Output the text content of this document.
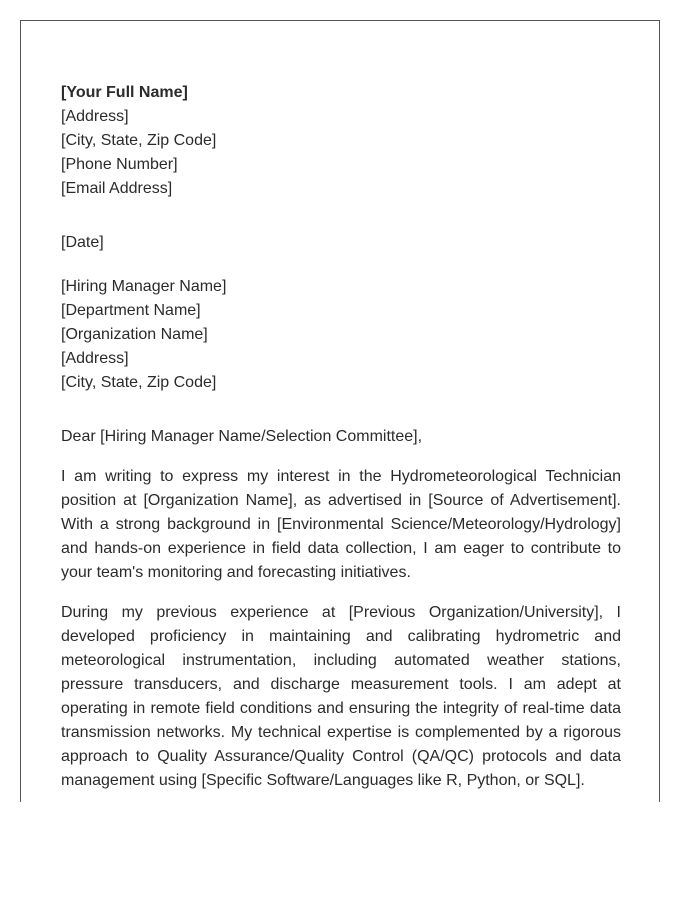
[Your Full Name]
[Address]
[City, State, Zip Code]
[Phone Number]
[Email Address]
[Date]
[Hiring Manager Name]
[Department Name]
[Organization Name]
[Address]
[City, State, Zip Code]
Dear [Hiring Manager Name/Selection Committee],

I am writing to express my interest in the Hydrometeorological Technician position at [Organization Name], as advertised in [Source of Advertisement]. With a strong background in [Environmental Science/Meteorology/Hydrology] and hands-on experience in field data collection, I am eager to contribute to your team's monitoring and forecasting initiatives.

During my previous experience at [Previous Organization/University], I developed proficiency in maintaining and calibrating hydrometric and meteorological instrumentation, including automated weather stations, pressure transducers, and discharge measurement tools. I am adept at operating in remote field conditions and ensuring the integrity of real-time data transmission networks. My technical expertise is complemented by a rigorous approach to Quality Assurance/Quality Control (QA/QC) protocols and data management using [Specific Software/Languages like R, Python, or SQL].
